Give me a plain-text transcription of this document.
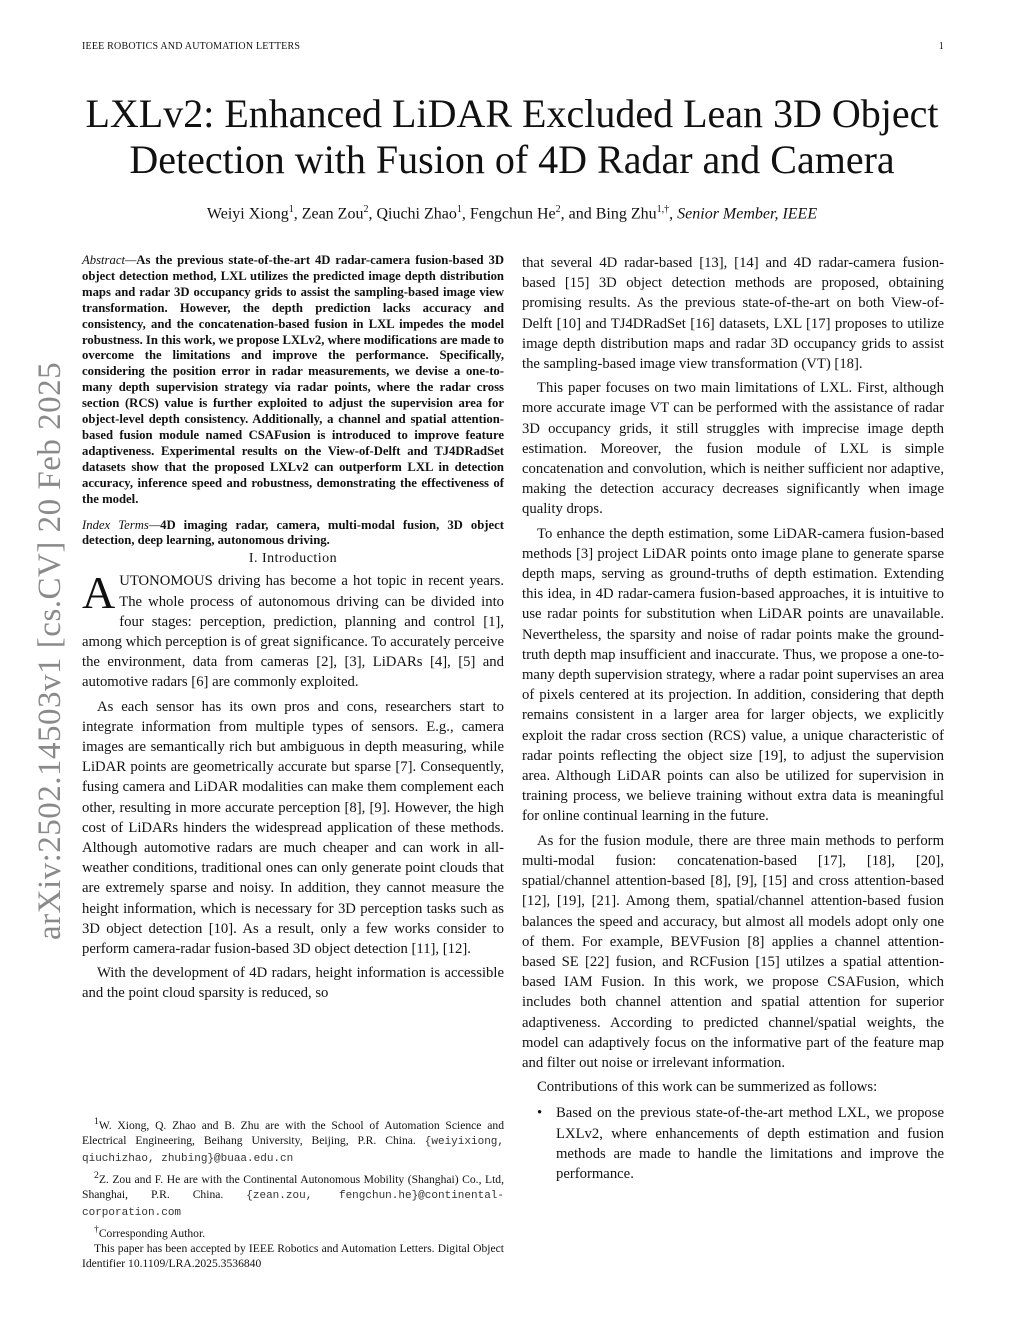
IEEE ROBOTICS AND AUTOMATION LETTERS	1
arXiv:2502.14503v1 [cs.CV] 20 Feb 2025
LXLv2: Enhanced LiDAR Excluded Lean 3D Object Detection with Fusion of 4D Radar and Camera
Weiyi Xiong$^1$, Zean Zou$^2$, Qiuchi Zhao$^1$, Fengchun He$^2$, and Bing Zhu$^{1,\dagger}$, Senior Member, IEEE

Abstract—As the previous state-of-the-art 4D radar-camera fusion-based 3D object detection method, LXL utilizes the predicted image depth distribution maps and radar 3D occupancy grids to assist the sampling-based image view transformation. However, the depth prediction lacks accuracy and consistency, and the concatenation-based fusion in LXL impedes the model robustness. In this work, we propose LXLv2, where modifications are made to overcome the limitations and improve the performance. Specifically, considering the position error in radar measurements, we devise a one-to-many depth supervision strategy via radar points, where the radar cross section (RCS) value is further exploited to adjust the supervision area for object-level depth consistency. Additionally, a channel and spatial attention-based fusion module named CSAFusion is introduced to improve feature adaptiveness. Experimental results on the View-of-Delft and TJ4DRadSet datasets show that the proposed LXLv2 can outperform LXL in detection accuracy, inference speed and robustness, demonstrating the effectiveness of the model.

Index Terms—4D imaging radar, camera, multi-modal fusion, 3D object detection, deep learning, autonomous driving.

I. Introduction

AUTONOMOUS driving has become a hot topic in recent years. The whole process of autonomous driving can be divided into four stages: perception, prediction, planning and control [1], among which perception is of great significance. To accurately perceive the environment, data from cameras [2], [3], LiDARs [4], [5] and automotive radars [6] are commonly exploited.

As each sensor has its own pros and cons, researchers start to integrate information from multiple types of sensors. E.g., camera images are semantically rich but ambiguous in depth measuring, while LiDAR points are geometrically accurate but sparse [7]. Consequently, fusing camera and LiDAR modalities can make them complement each other, resulting in more accurate perception [8], [9]. However, the high cost of LiDARs hinders the widespread application of these methods. Although automotive radars are much cheaper and can work in all-weather conditions, traditional ones can only generate point clouds that are extremely sparse and noisy. In addition, they cannot measure the height information, which is necessary for 3D perception tasks such as 3D object detection [10]. As a result, only a few works consider to perform camera-radar fusion-based 3D object detection [11], [12].

With the development of 4D radars, height information is accessible and the point cloud sparsity is reduced, so

$^1$W. Xiong, Q. Zhao and B. Zhu are with the School of Automation Science and Electrical Engineering, Beihang University, Beijing, P.R. China. {weiyixiong, qiuchizhao, zhubing}@buaa.edu.cn

$^2$Z. Zou and F. He are with the Continental Autonomous Mobility (Shanghai) Co., Ltd, Shanghai, P.R. China. {zean.zou, fengchun.he}@continental-corporation.com

†Corresponding Author.

This paper has been accepted by IEEE Robotics and Automation Letters. Digital Object Identifier 10.1109/LRA.2025.3536840

that several 4D radar-based [13], [14] and 4D radar-camera fusion-based [15] 3D object detection methods are proposed, obtaining promising results. As the previous state-of-the-art on both View-of-Delft [10] and TJ4DRadSet [16] datasets, LXL [17] proposes to utilize image depth distribution maps and radar 3D occupancy grids to assist the sampling-based image view transformation (VT) [18].

This paper focuses on two main limitations of LXL. First, although more accurate image VT can be performed with the assistance of radar 3D occupancy grids, it still struggles with imprecise image depth estimation. Moreover, the fusion module of LXL is simple concatenation and convolution, which is neither sufficient nor adaptive, making the detection accuracy decreases significantly when image quality drops.

To enhance the depth estimation, some LiDAR-camera fusion-based methods [3] project LiDAR points onto image plane to generate sparse depth maps, serving as ground-truths of depth estimation. Extending this idea, in 4D radar-camera fusion-based approaches, it is intuitive to use radar points for substitution when LiDAR points are unavailable. Nevertheless, the sparsity and noise of radar points make the ground-truth depth map insufficient and inaccurate. Thus, we propose a one-to-many depth supervision strategy, where a radar point supervises an area of pixels centered at its projection. In addition, considering that depth remains consistent in a larger area for larger objects, we explicitly exploit the radar cross section (RCS) value, a unique characteristic of radar points reflecting the object size [19], to adjust the supervision area. Although LiDAR points can also be utilized for supervision in training process, we believe training without extra data is meaningful for online continual learning in the future.

As for the fusion module, there are three main methods to perform multi-modal fusion: concatenation-based [17], [18], [20], spatial/channel attention-based [8], [9], [15] and cross attention-based [12], [19], [21]. Among them, spatial/channel attention-based fusion balances the speed and accuracy, but almost all models adopt only one of them. For example, BEVFusion [8] applies a channel attention-based SE [22] fusion, and RCFusion [15] utilzes a spatial attention-based IAM Fusion. In this work, we propose CSAFusion, which includes both channel attention and spatial attention for superior adaptiveness. According to predicted channel/spatial weights, the model can adaptively focus on the informative part of the feature map and filter out noise or irrelevant information.

Contributions of this work can be summerized as follows:

• Based on the previous state-of-the-art method LXL, we propose LXLv2, where enhancements of depth estimation and fusion methods are made to handle the limitations and improve the performance.
